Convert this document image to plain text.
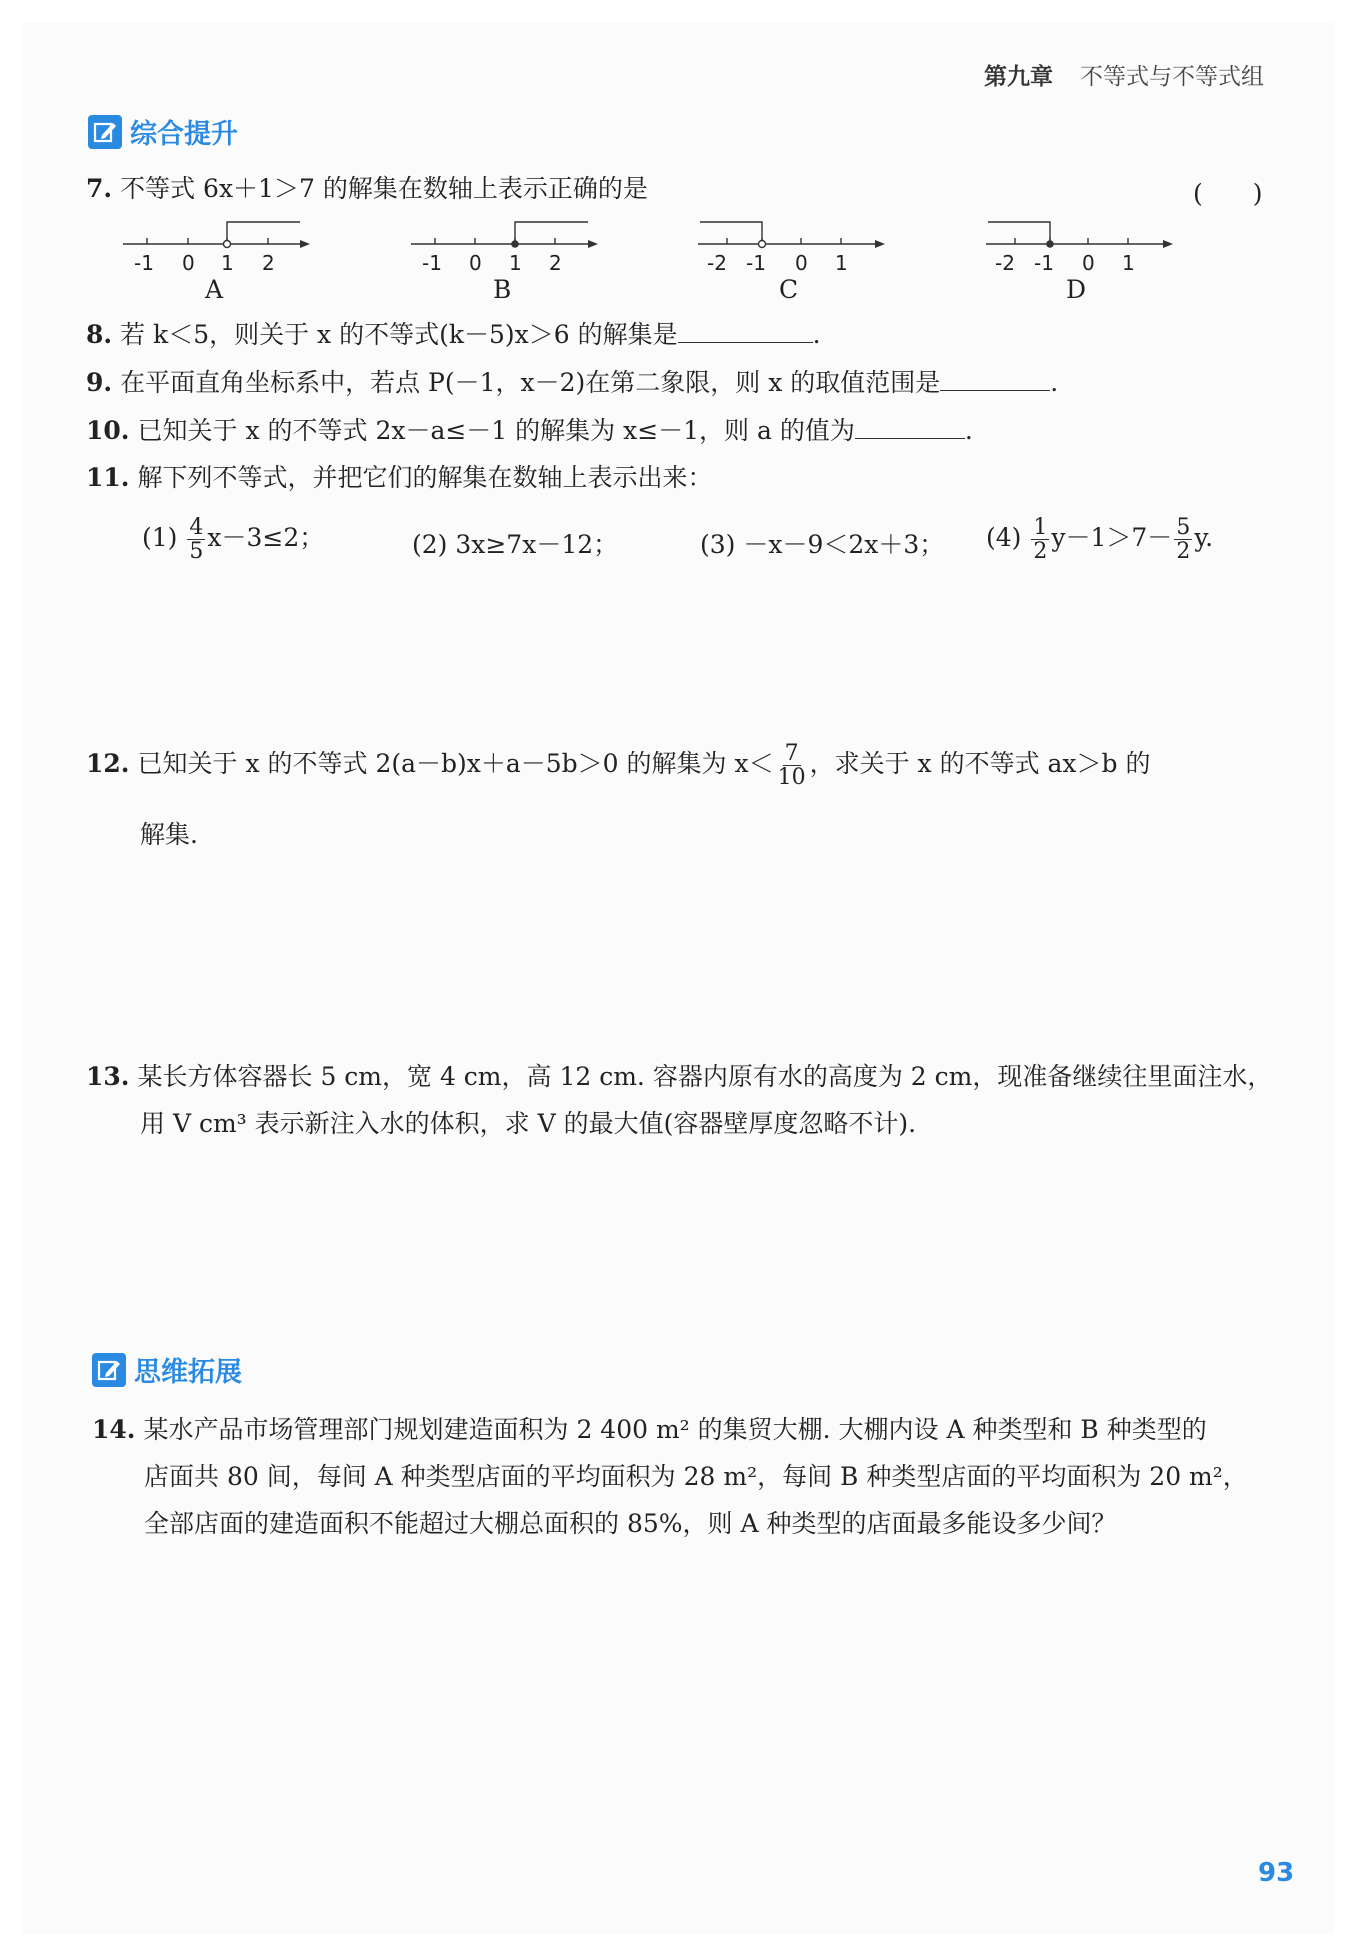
第九章 不等式与不等式组
综合提升
7. 不等式 6x＋1＞7 的解集在数轴上表示正确的是	(　　)
-1 0 1 2
A
-1 0 1 2
B
-2 -1 0 1
C
-2 -1 0 1
D
8. 若 k＜5，则关于 x 的不等式(k－5)x＞6 的解集是	.
9. 在平面直角坐标系中，若点 P(－1，x－2)在第二象限，则 x 的取值范围是	.
10. 已知关于 x 的不等式 2x－a≤－1 的解集为 x≤－1，则 a 的值为	.
11. 解下列不等式，并把它们的解集在数轴上表示出来：
$(1) \frac{4}{5} x-3\le 2$；	(2) 3x≥7x－12；	(3) －x－9＜2x＋3； $(4) \frac{1}{2} y-1>7- \frac{5}{2} y$.
12. 已知关于 x 的不等式 2(a－b)x＋a－5b＞0 的解集为 $x< \frac{7}{10}$ ，求关于 x 的不等式 ax＞b 的
解集.
13. 某长方体容器长 5 cm，宽 4 cm，高 12 cm. 容器内原有水的高度为 2 cm，现准备继续往里面注水，
用 V cm³ 表示新注入水的体积，求 V 的最大值(容器壁厚度忽略不计).
思维拓展
14. 某水产品市场管理部门规划建造面积为 2 400 m² 的集贸大棚. 大棚内设 A 种类型和 B 种类型的
店面共 80 间，每间 A 种类型店面的平均面积为 28 m²，每间 B 种类型店面的平均面积为 20 m²，
全部店面的建造面积不能超过大棚总面积的 85%，则 A 种类型的店面最多能设多少间？
93
